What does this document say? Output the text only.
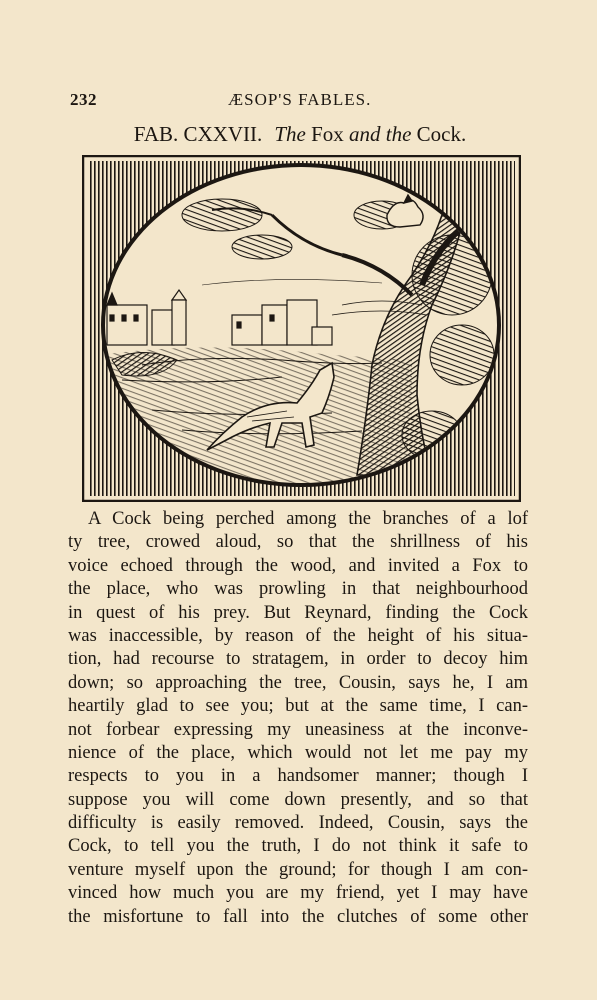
232	ÆSOP'S FABLES.
FAB. CXXVII. The Fox and the Cock.
A Cock being perched among the branches of a lof
ty tree, crowed aloud, so that the shrillness of his
voice echoed through the wood, and invited a Fox to
the place, who was prowling in that neighbourhood
in quest of his prey. But Reynard, finding the Cock
was inaccessible, by reason of the height of his situa-
tion, had recourse to stratagem, in order to decoy him
down; so approaching the tree, Cousin, says he, I am
heartily glad to see you; but at the same time, I can-
not forbear expressing my uneasiness at the inconve-
nience of the place, which would not let me pay my
respects to you in a handsomer manner; though I
suppose you will come down presently, and so that
difficulty is easily removed. Indeed, Cousin, says the
Cock, to tell you the truth, I do not think it safe to
venture myself upon the ground; for though I am con-
vinced how much you are my friend, yet I may have
the misfortune to fall into the clutches of some other
